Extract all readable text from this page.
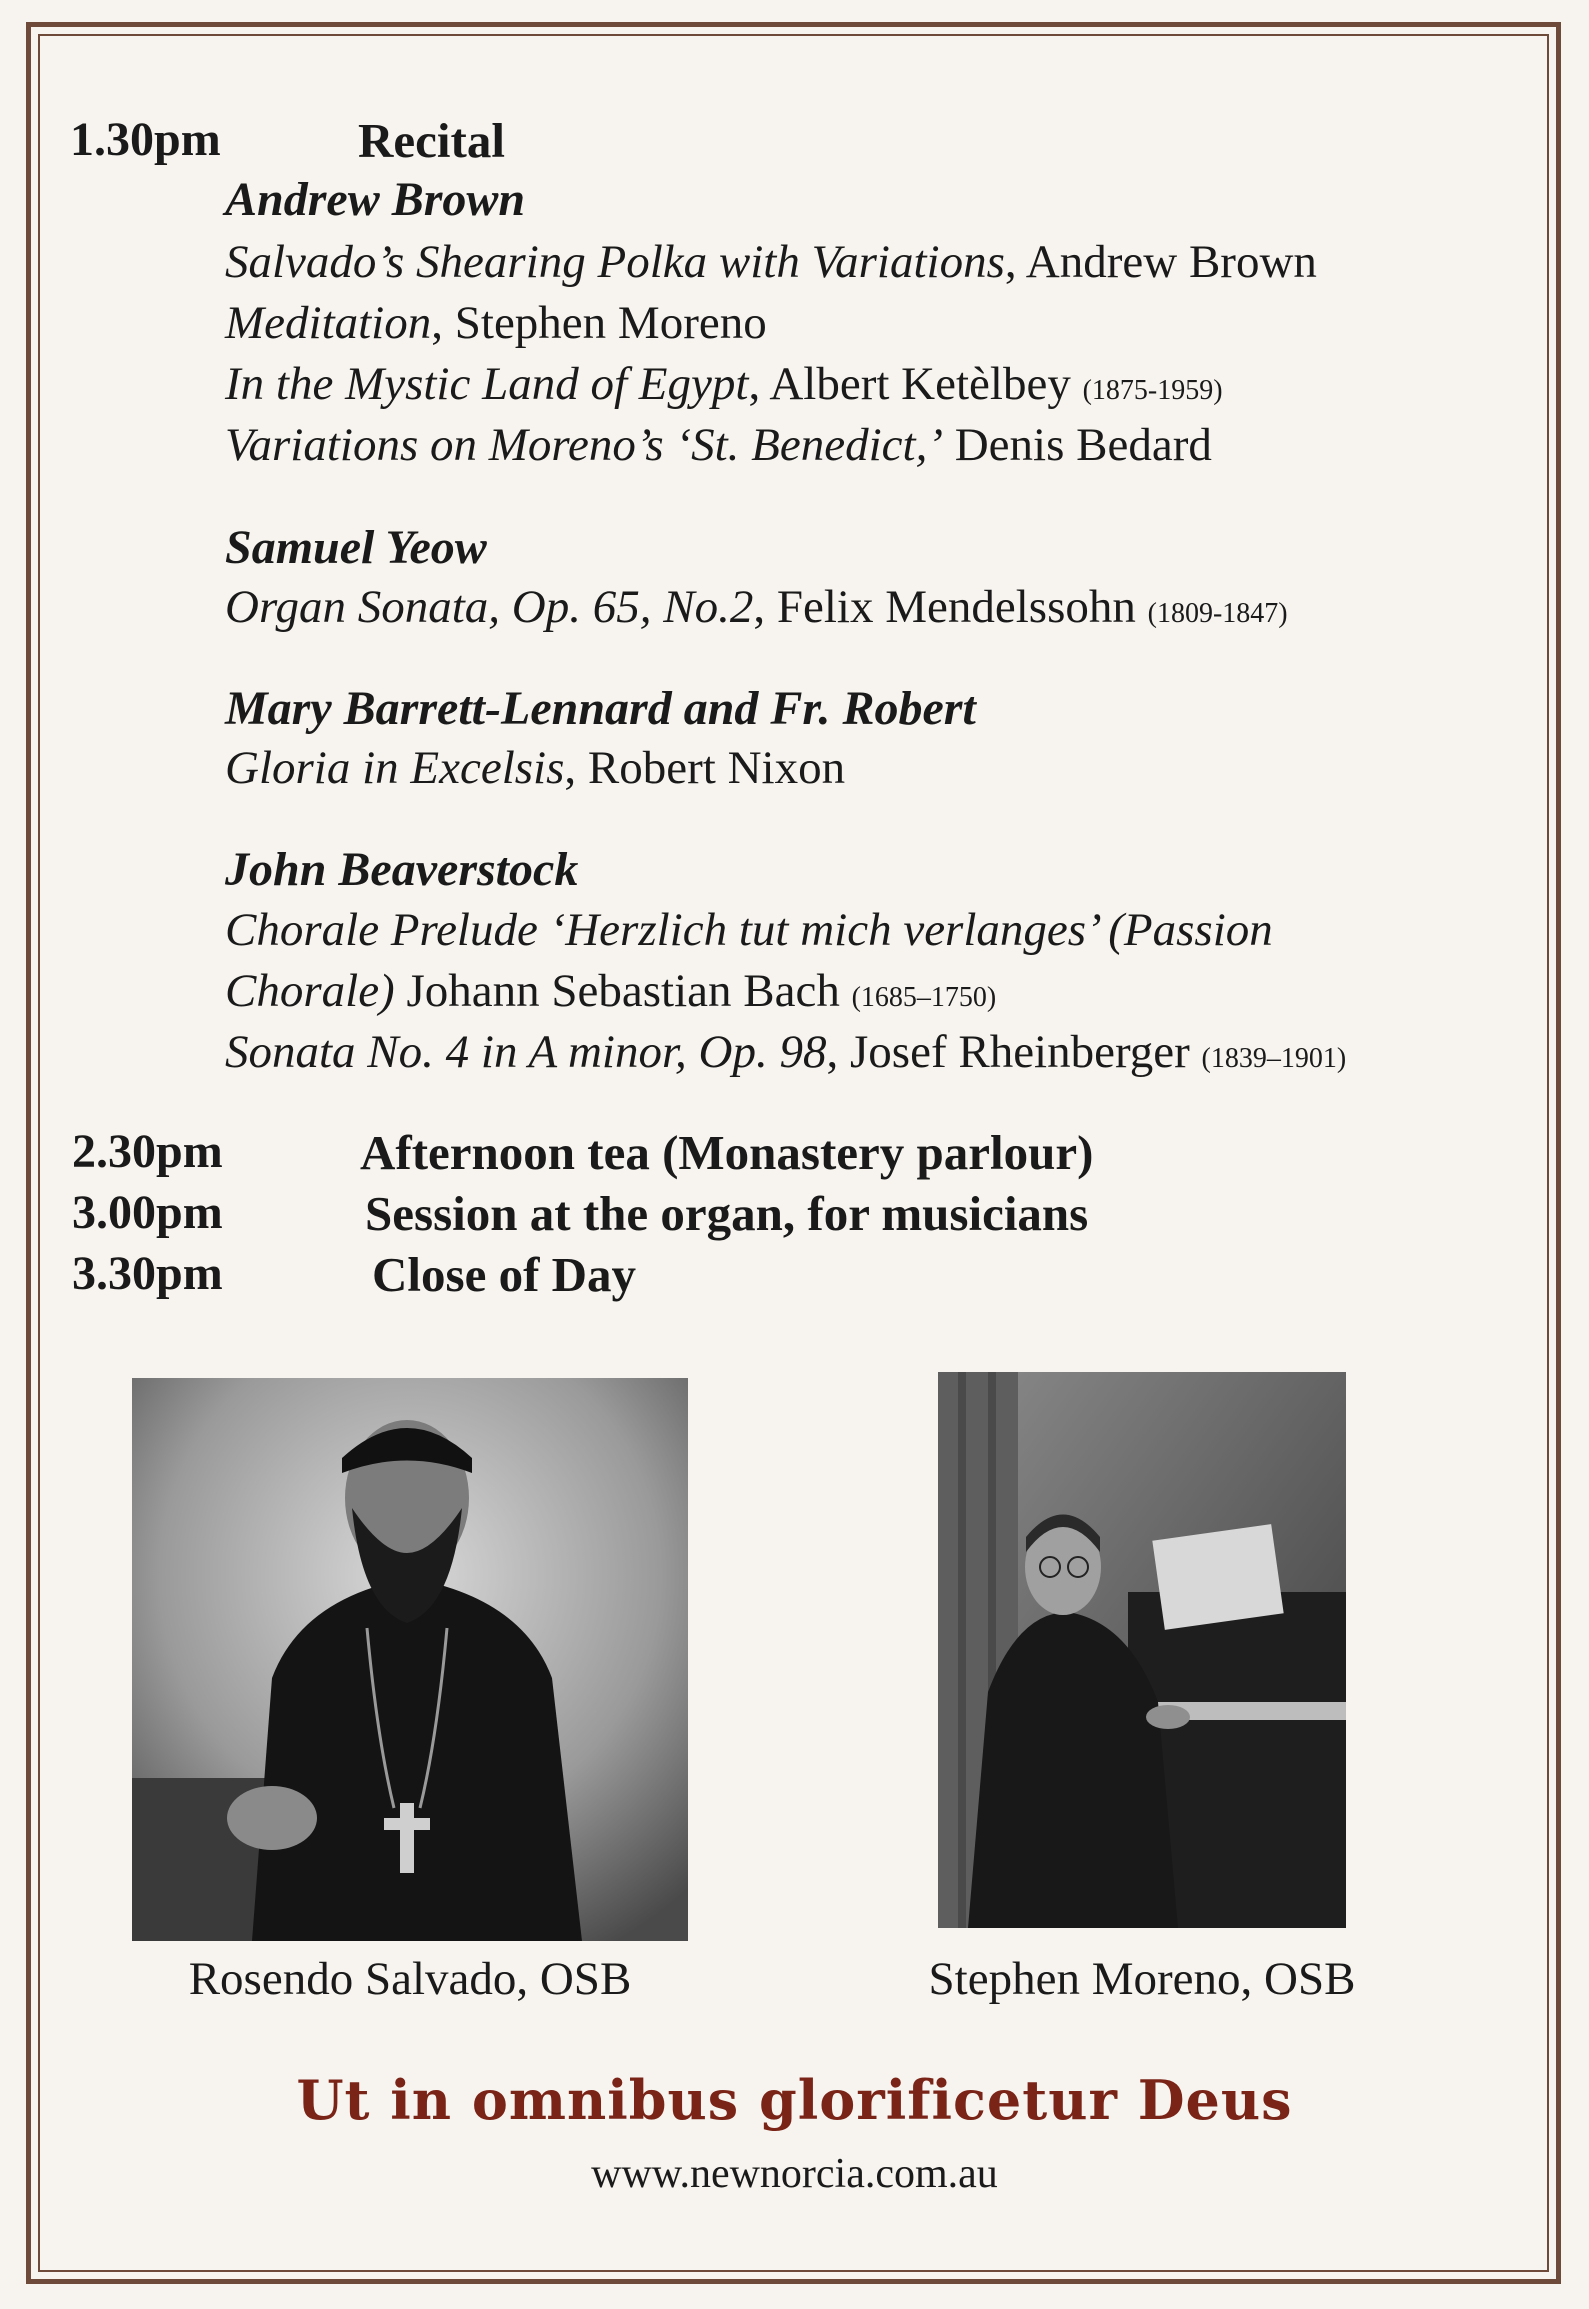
1.30pm	Recital
Andrew Brown
Salvado’s Shearing Polka with Variations, Andrew Brown
Meditation, Stephen Moreno
In the Mystic Land of Egypt, Albert Ketèlbey (1875-1959)
Variations on Moreno’s ‘St. Benedict,’ Denis Bedard
Samuel Yeow
Organ Sonata, Op. 65, No.2, Felix Mendelssohn (1809-1847)
Mary Barrett-Lennard and Fr. Robert
Gloria in Excelsis, Robert Nixon
John Beaverstock
Chorale Prelude ‘Herzlich tut mich verlanges’ (Passion
Chorale) Johann Sebastian Bach (1685–1750)
Sonata No. 4 in A minor, Op. 98, Josef Rheinberger (1839–1901)
2.30pm	Afternoon tea (Monastery parlour)
3.00pm	Session at the organ, for musicians
3.30pm	Close of Day
Rosendo Salvado, OSB	Stephen Moreno, OSB
Ut in omnibus glorificetur Deus
www.newnorcia.com.au
